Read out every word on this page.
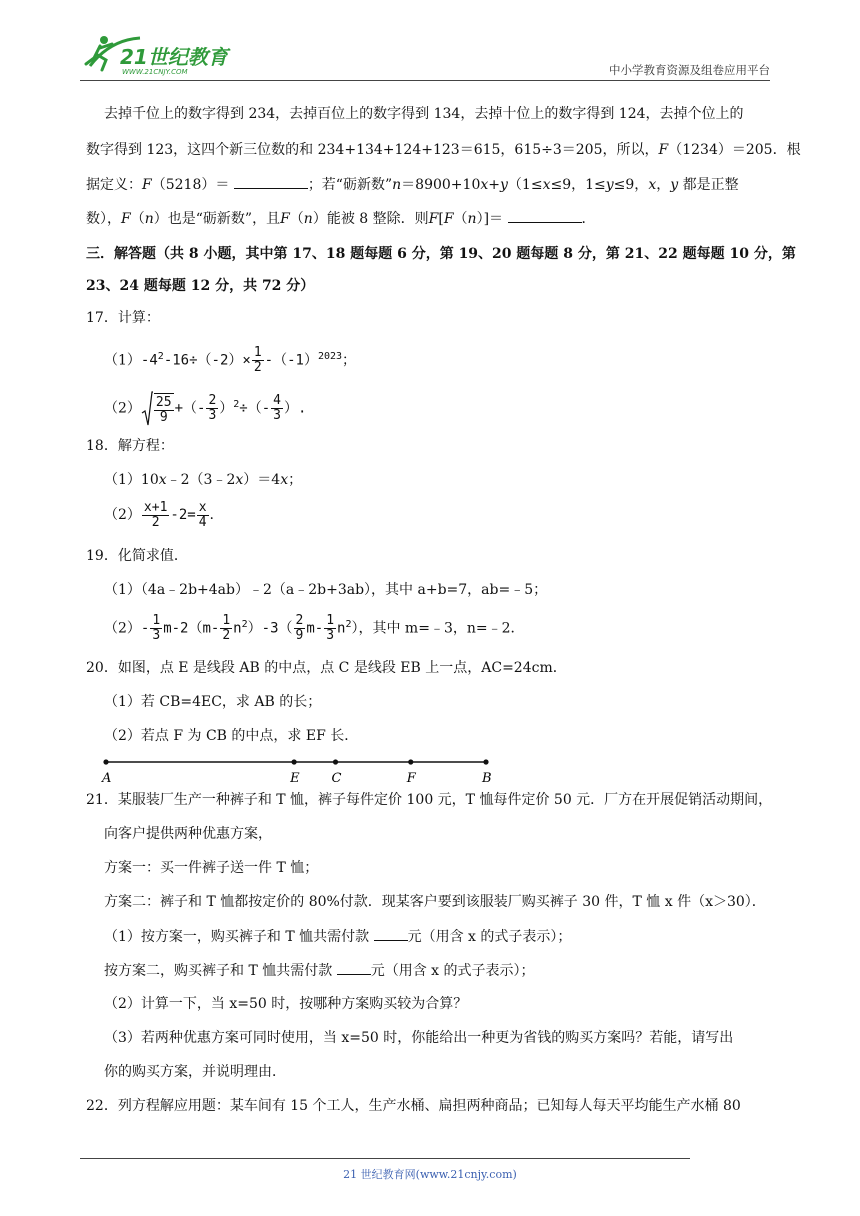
21世纪教育
WWW.21CNJY.COM	中小学教育资源及组卷应用平台
去掉千位上的数字得到 234，去掉百位上的数字得到 134，去掉十位上的数字得到 124，去掉个位上的
数字得到 123，这四个新三位数的和 234+134+124+123＝615，615÷3＝205，所以，F（1234）＝205．根
据定义：F（5218）＝	；若“砺新数”n＝8900+10x+y（1≤x≤9，1≤y≤9，x，y 都是正整
数），F（n）也是“砺新数”，且F（n）能被 8 整除．则F[F（n）]＝	．
三．解答题（共 8 小题，其中第 17、18 题每题 6 分，第 19、20 题每题 8 分，第 21、22 题每题 10 分，第
23、24 题每题 12 分，共 72 分）
17．计算：
$(1)-4^2-16\div(-2)\times \frac{1}{2} -(-1)^{2023}$；
$(2) \frac{25}{9}$ +（- $\frac{2}{3} )^2\div(- \frac{4}{3}$ ）.
18．解方程：
（1）10x﹣2（3﹣2x）＝4x；
$(2) \frac{x+1}{2} -2= \frac{x}{4}$ .
19．化简求值．
（1）（4a﹣2b+4ab）﹣2（a﹣2b+3ab），其中 a+b=7，ab=﹣5；
$(2)- \frac{1}{3} m-2(m- \frac{1}{2} n^2)-3( \frac{2}{9} m- \frac{1}{3} n^2)$，其中 m=﹣3，n=﹣2．
20．如图，点 E 是线段 AB 的中点，点 C 是线段 EB 上一点，AC=24cm．
（1）若 CB=4EC，求 AB 的长；
（2）若点 F 为 CB 的中点，求 EF 长．
A	E C	F	B
21．某服装厂生产一种裤子和 T 恤，裤子每件定价 100 元，T 恤每件定价 50 元．厂方在开展促销活动期间，
向客户提供两种优惠方案，
方案一：买一件裤子送一件 T 恤；
方案二：裤子和 T 恤都按定价的 80%付款．现某客户要到该服装厂购买裤子 30 件，T 恤 x 件（x＞30）．
（1）按方案一，购买裤子和 T 恤共需付款 元（用含 x 的式子表示）；
按方案二，购买裤子和 T 恤共需付款 元（用含 x 的式子表示）；
（2）计算一下，当 x=50 时，按哪种方案购买较为合算？
（3）若两种优惠方案可同时使用，当 x=50 时，你能给出一种更为省钱的购买方案吗？若能，请写出
你的购买方案，并说明理由．
22．列方程解应用题：某车间有 15 个工人，生产水桶、扁担两种商品；已知每人每天平均能生产水桶 80
21 世纪教育网(www.21cnjy.com)
